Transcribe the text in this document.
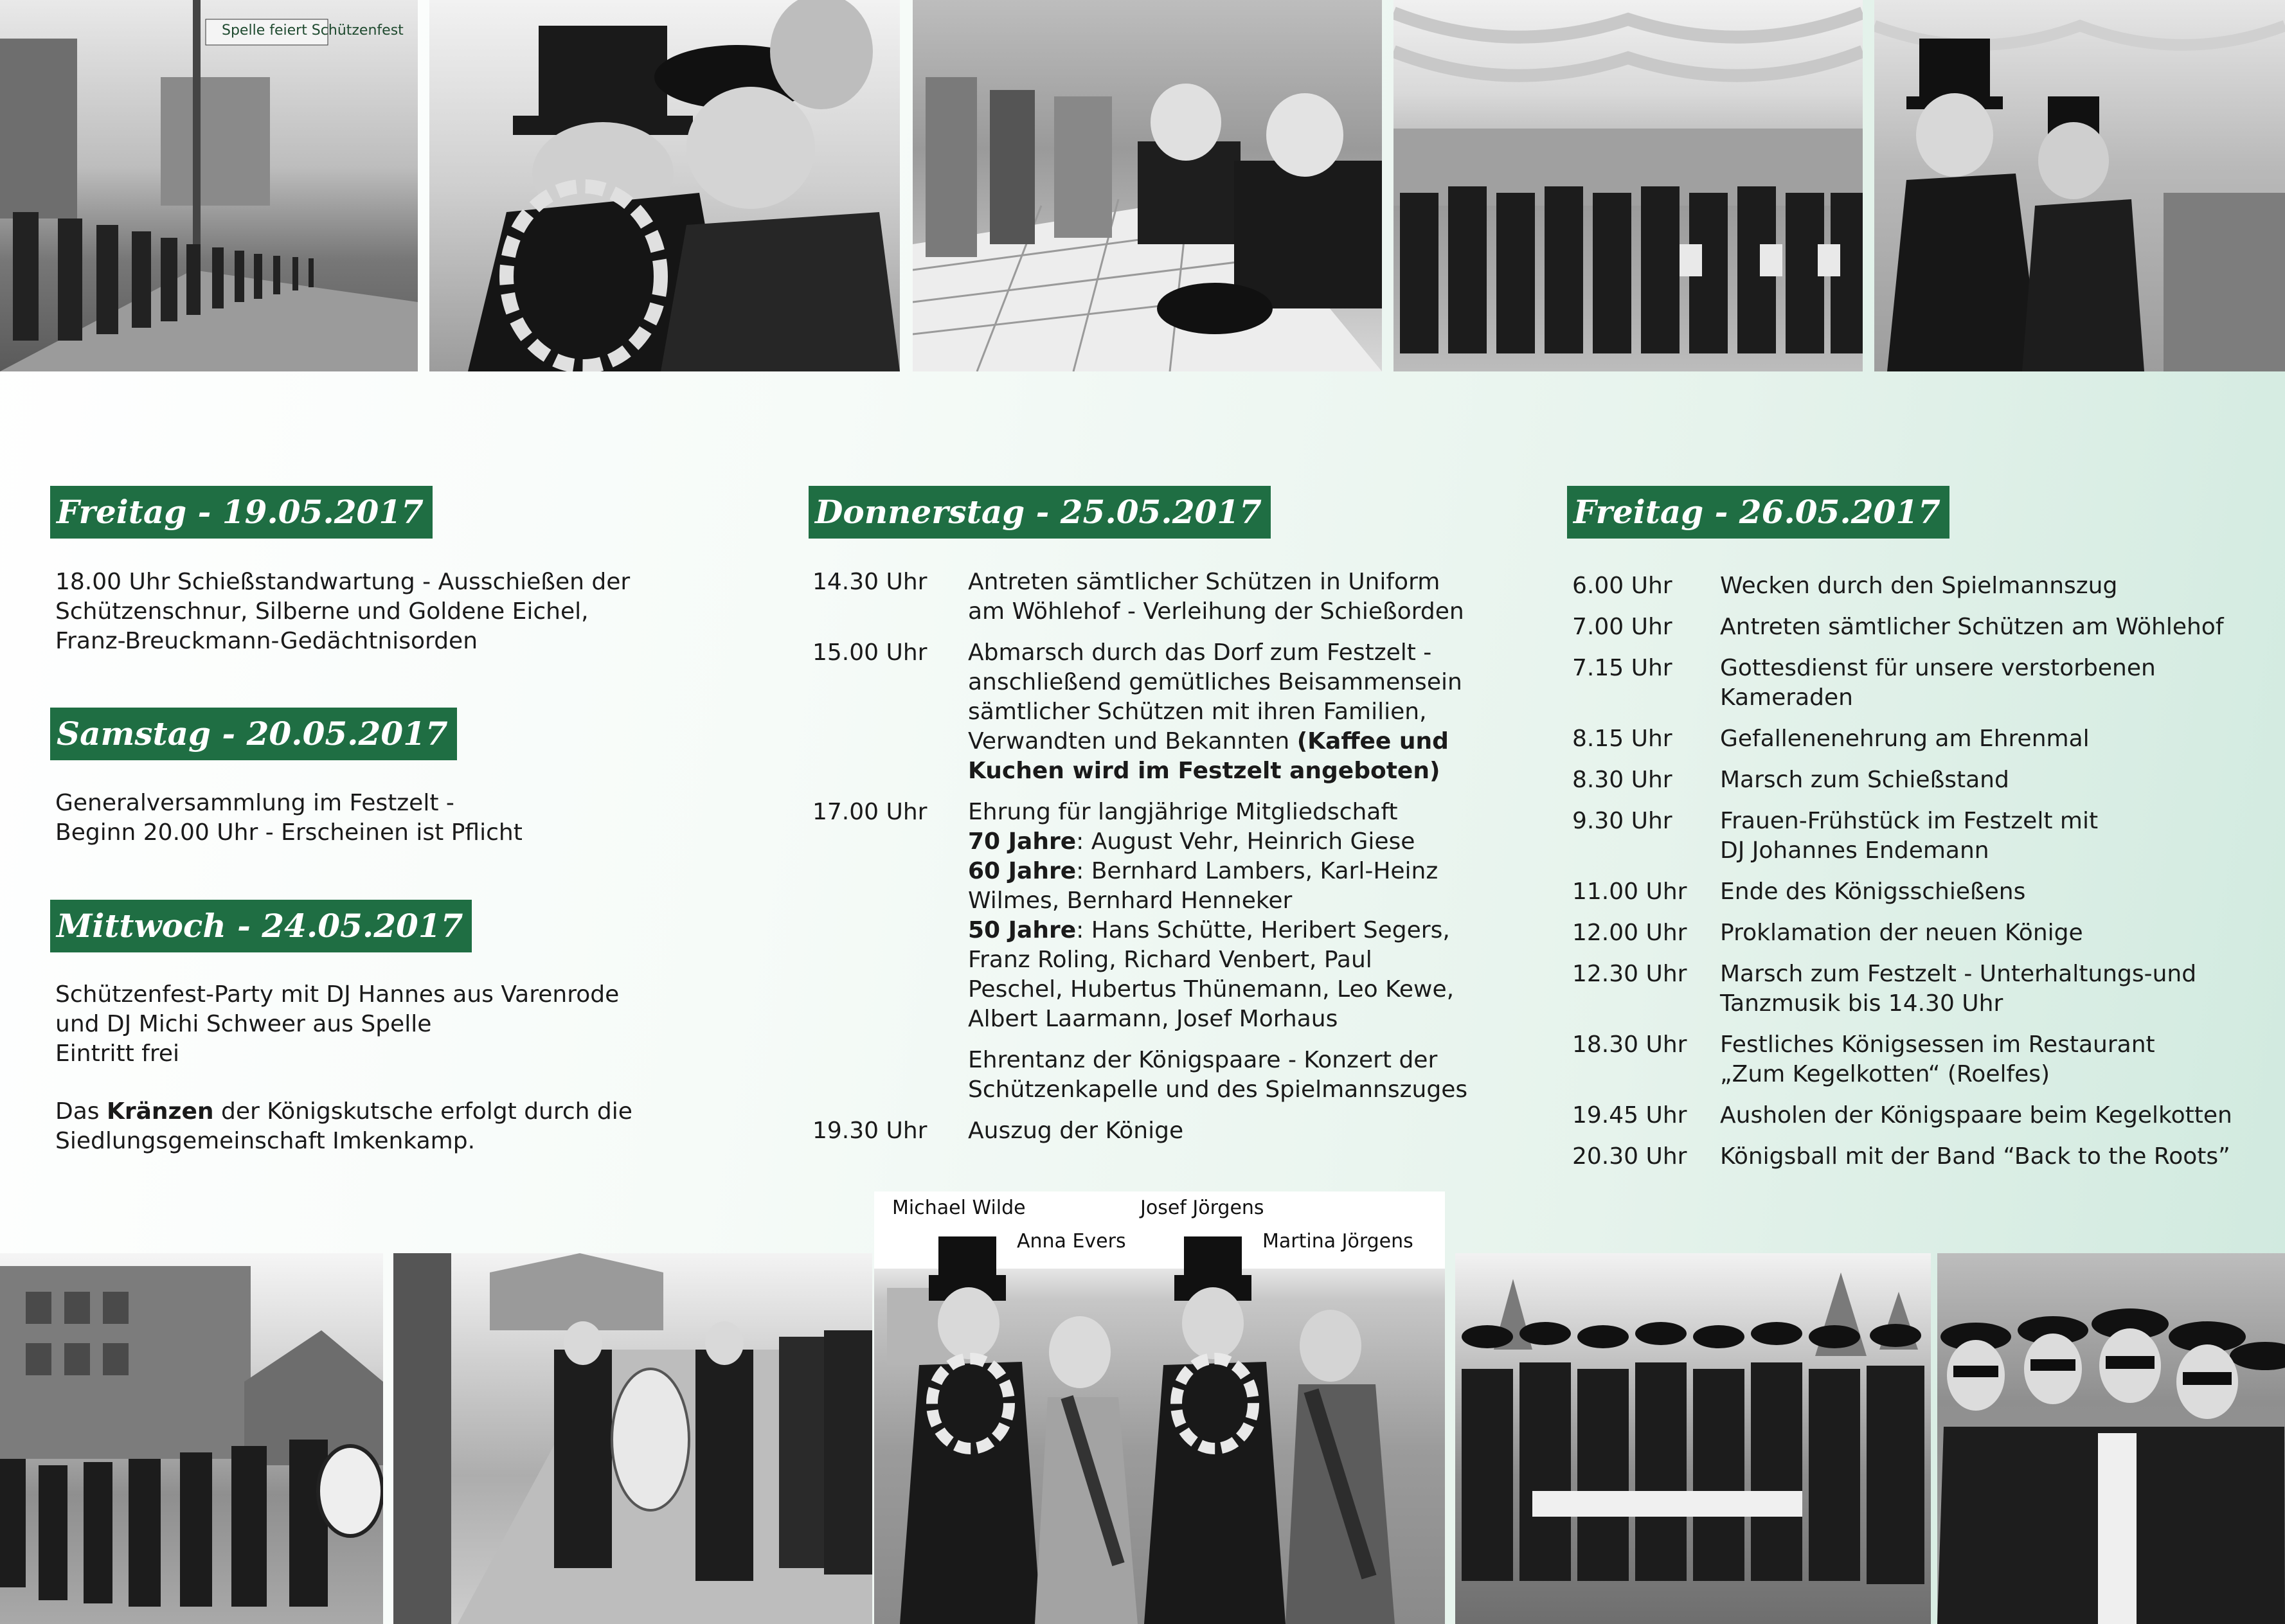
Spelle feiert Schützenfest
Freitag - 19.05.2017
18.00 Uhr Schießstandwartung - Ausschießen der
Schützenschnur, Silberne und Goldene Eichel,
Franz-Breuckmann-Gedächtnisorden
Samstag - 20.05.2017
Generalversammlung im Festzelt -
Beginn 20.00 Uhr - Erscheinen ist Pflicht
Mittwoch - 24.05.2017
Schützenfest-Party mit DJ Hannes aus Varenrode
und DJ Michi Schweer aus Spelle
Eintritt frei
Das Kränzen der Königskutsche erfolgt durch die
Siedlungsgemeinschaft Imkenkamp.
Donnerstag - 25.05.2017
14.30 Uhr	Antreten sämtlicher Schützen in Uniform
am Wöhlehof - Verleihung der Schießorden
15.00 Uhr	Abmarsch durch das Dorf zum Festzelt -
anschließend gemütliches Beisammensein
sämtlicher Schützen mit ihren Familien,
Verwandten und Bekannten (Kaffee und
Kuchen wird im Festzelt angeboten)
17.00 Uhr	Ehrung für langjährige Mitgliedschaft
70 Jahre: August Vehr, Heinrich Giese
60 Jahre: Bernhard Lambers, Karl-Heinz
Wilmes, Bernhard Henneker
50 Jahre: Hans Schütte, Heribert Segers,
Franz Roling, Richard Venbert, Paul
Peschel, Hubertus Thünemann, Leo Kewe,
Albert Laarmann, Josef Morhaus
Ehrentanz der Königspaare - Konzert der
Schützenkapelle und des Spielmannszuges
19.30 Uhr	Auszug der Könige
Freitag - 26.05.2017
6.00 Uhr	Wecken durch den Spielmannszug
7.00 Uhr	Antreten sämtlicher Schützen am Wöhlehof
7.15 Uhr	Gottesdienst für unsere verstorbenen
Kameraden
8.15 Uhr	Gefallenenehrung am Ehrenmal
8.30 Uhr	Marsch zum Schießstand
9.30 Uhr	Frauen-Frühstück im Festzelt mit
DJ Johannes Endemann
11.00 Uhr	Ende des Königsschießens
12.00 Uhr	Proklamation der neuen Könige
12.30 Uhr	Marsch zum Festzelt - Unterhaltungs-und
Tanzmusik bis 14.30 Uhr
18.30 Uhr	Festliches Königsessen im Restaurant
„Zum Kegelkotten“ (Roelfes)
19.45 Uhr	Ausholen der Königspaare beim Kegelkotten
20.30 Uhr	Königsball mit der Band “Back to the Roots”
Michael Wilde	Josef Jörgens
Anna Evers	Martina Jörgens
